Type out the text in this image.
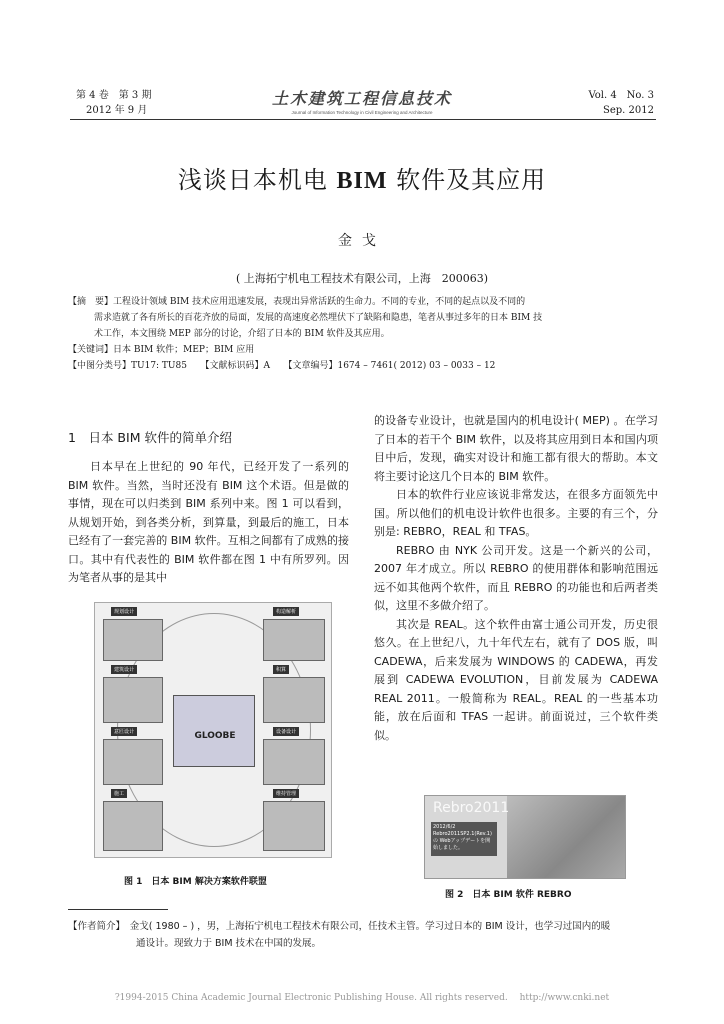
第 4 卷　第 3 期
2012 年 9 月
土木建筑工程信息技术
Journal of Information Technology in Civil Engineering and Architecture
Vol. 4　No. 3
Sep. 2012
浅谈日本机电 BIM 软件及其应用
金戈
( 上海拓宁机电工程技术有限公司，上海　200063)

【摘　要】工程设计领域 BIM 技术应用迅速发展，表现出异常活跃的生命力。不同的专业，不同的起点以及不同的

需求造就了各有所长的百花齐放的局面，发展的高速度必然埋伏下了缺陷和隐患，笔者从事过多年的日本 BIM 技

术工作，本文围绕 MEP 部分的讨论，介绍了日本的 BIM 软件及其应用。

【关键词】日本 BIM 软件；MEP；BIM 应用

【中图分类号】TU17: TU85　　【文献标识码】A　　【文章编号】1674 – 7461( 2012) 03 – 0033 – 12

1　日本 BIM 软件的简单介绍

日本早在上世纪的 90 年代，已经开发了一系列的 BIM 软件。当然，当时还没有 BIM 这个术语。但是做的事情，现在可以归类到 BIM 系列中来。图 1 可以看到，从规划开始，到各类分析，到算量，到最后的施工，日本已经有了一套完善的 BIM 软件。互相之间都有了成熟的接口。其中有代表性的 BIM 软件都在图 1 中有所罗列。因为笔者从事的是其中

的设备专业设计，也就是国内的机电设计( MEP) 。在学习了日本的若干个 BIM 软件，以及将其应用到日本和国内项目中后，发现，确实对设计和施工都有很大的帮助。本文将主要讨论这几个日本的 BIM 软件。

日本的软件行业应该说非常发达，在很多方面领先中国。所以他们的机电设计软件也很多。主要的有三个，分别是: REBRO，REAL 和 TFAS。

REBRO 由 NYK 公司开发。这是一个新兴的公司，2007 年才成立。所以 REBRO 的使用群体和影响范围远远不如其他两个软件，而且 REBRO 的功能也和后两者类似，这里不多做介绍了。

其次是 REAL。这个软件由富士通公司开发，历史很悠久。在上世纪八，九十年代左右，就有了 DOS 版，叫 CADEWA，后来发展为 WINDOWS 的 CADEWA，再发展到 CADEWA EVOLUTION，目前发展为 CADEWA REAL 2011。一般简称为 REAL。REAL 的一些基本功能，放在后面和 TFAS 一起讲。前面说过，三个软件类似。

规划设计
建筑设计
意匠设计
施工
构造解析
积算
设备设计
维持管理
GLOOBE
图 1　日本 BIM 解决方案软件联盟
Rebro2011
2012/6/2 Rebro2011SP2.1(Rev.1)の Webアップデートを開始しました。
图 2　日本 BIM 软件 REBRO
【作者简介】　金戈( 1980 – ) ，男，上海拓宁机电工程技术有限公司，任技术主管。学习过日本的 BIM 设计，也学习过国内的暖
通设计。现致力于 BIM 技术在中国的发展。
?1994-2015 China Academic Journal Electronic Publishing House. All rights reserved.　 http://www.cnki.net
